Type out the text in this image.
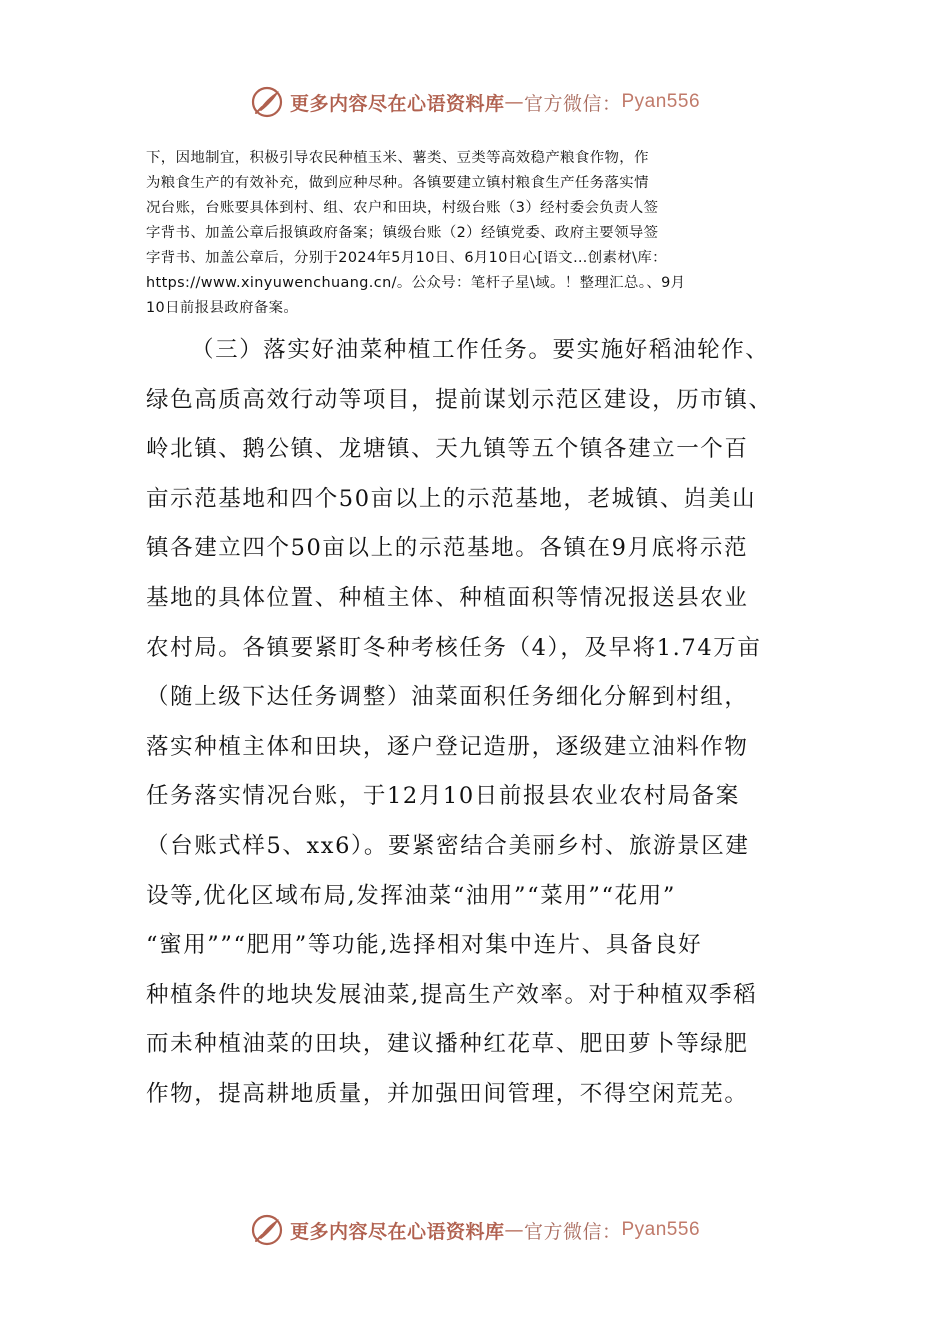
更多内容尽在心语资料库 — 官方微信： Pyan556
下，因地制宜，积极引导农民种植玉米、薯类、豆类等高效稳产粮食作物，作
为粮食生产的有效补充，做到应种尽种。各镇要建立镇村粮食生产任务落实情
况台账，台账要具体到村、组、农户和田块，村级台账（3）经村委会负责人签
字背书、加盖公章后报镇政府备案；镇级台账（2）经镇党委、政府主要领导签
字背书、加盖公章后，分别于2024年5月10日、6月10日心[语文…创素材\库：
https://www.xinyuwenchuang.cn/。公众号：笔杆子星\域。！整理汇总。、9月
10日前报县政府备案。
（三）落实好油菜种植工作任务。要实施好稻油轮作、
绿色高质高效行动等项目，提前谋划示范区建设，历市镇、
岭北镇、鹅公镇、龙塘镇、天九镇等五个镇各建立一个百
亩示范基地和四个50亩以上的示范基地，老城镇、岿美山
镇各建立四个50亩以上的示范基地。各镇在9月底将示范
基地的具体位置、种植主体、种植面积等情况报送县农业
农村局。各镇要紧盯冬种考核任务（4），及早将1.74万亩
（随上级下达任务调整）油菜面积任务细化分解到村组，
落实种植主体和田块，逐户登记造册，逐级建立油料作物
任务落实情况台账，于12月10日前报县农业农村局备案
（台账式样5、xx6）。要紧密结合美丽乡村、旅游景区建
设等,优化区域布局,发挥油菜“油用”“菜用”“花用”
“蜜用””“肥用”等功能,选择相对集中连片、具备良好
种植条件的地块发展油菜,提高生产效率。对于种植双季稻
而未种植油菜的田块，建议播种红花草、肥田萝卜等绿肥
作物，提高耕地质量，并加强田间管理，不得空闲荒芜。
更多内容尽在心语资料库 — 官方微信： Pyan556
